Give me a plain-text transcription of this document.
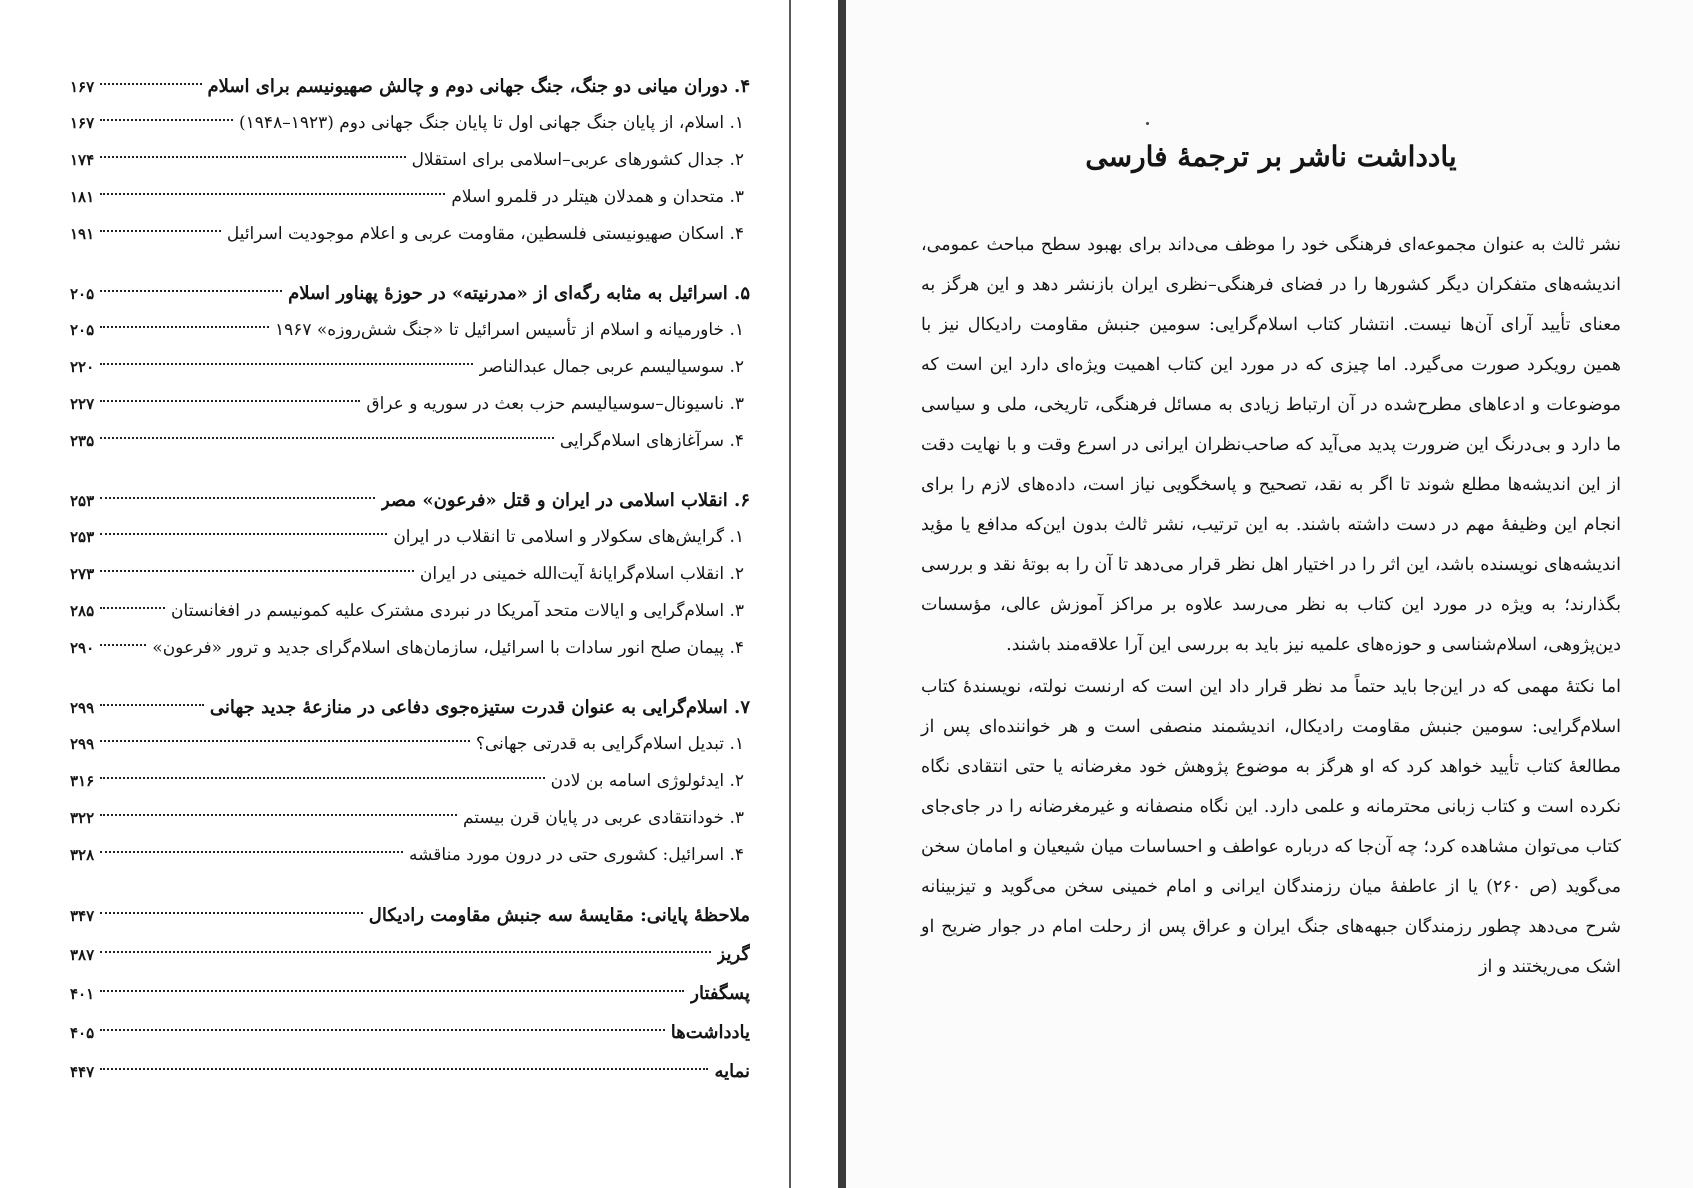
۴. دوران میانی دو جنگ، جنگ جهانی دوم و چالش صهیونیسم برای اسلام
۱۶۷
۱. اسلام، از پایان جنگ جهانی اول تا پایان جنگ جهانی دوم (۱۹۲۳–۱۹۴۸)
۱۶۷
۲. جدال کشورهای عربی–اسلامی برای استقلال
۱۷۴
۳. متحدان و همدلان هیتلر در قلمرو اسلام
۱۸۱
۴. اسکان صهیونیستی فلسطین، مقاومت عربی و اعلام موجودیت اسرائیل
۱۹۱
۵. اسرائیل به مثابه رگه‌ای از «مدرنیته» در حوزهٔ پهناور اسلام
۲۰۵
۱. خاورمیانه و اسلام از تأسیس اسرائیل تا «جنگ شش‌روزه» ۱۹۶۷
۲۰۵
۲. سوسیالیسم عربی جمال عبدالناصر
۲۲۰
۳. ناسیونال–سوسیالیسم حزب بعث در سوریه و عراق
۲۲۷
۴. سرآغازهای اسلام‌گرایی
۲۳۵
۶. انقلاب اسلامی در ایران و قتل «فرعون» مصر
۲۵۳
۱. گرایش‌های سکولار و اسلامی تا انقلاب در ایران
۲۵۳
۲. انقلاب اسلام‌گرایانهٔ آیت‌الله خمینی در ایران
۲۷۳
۳. اسلام‌گرایی و ایالات متحد آمریکا در نبردی مشترک علیه کمونیسم در افغانستان
۲۸۵
۴. پیمان صلح انور سادات با اسرائیل، سازمان‌های اسلام‌گرای جدید و ترور «فرعون»
۲۹۰
۷. اسلام‌گرایی به عنوان قدرت ستیزه‌جوی دفاعی در منازعهٔ جدید جهانی
۲۹۹
۱. تبدیل اسلام‌گرایی به قدرتی جهانی؟
۲۹۹
۲. ایدئولوژی اسامه بن لادن
۳۱۶
۳. خودانتقادی عربی در پایان قرن بیستم
۳۲۲
۴. اسرائیل: کشوری حتی در درون مورد مناقشه
۳۲۸
ملاحظهٔ پایانی: مقایسهٔ سه جنبش مقاومت رادیکال
۳۴۷
گریز
۳۸۷
پسگفتار
۴۰۱
یادداشت‌ها
۴۰۵
نمایه
۴۴۷
یادداشت ناشر بر ترجمهٔ فارسی

نشر ثالث به عنوان مجموعه‌ای فرهنگی خود را موظف می‌داند برای بهبود سطح مباحث عمومی، اندیشه‌های متفکران دیگر کشورها را در فضای فرهنگی–نظری ایران بازنشر دهد و این هرگز به معنای تأیید آرای آن‌ها نیست. انتشار کتاب اسلام‌گرایی: سومین جنبش مقاومت رادیکال نیز با همین رویکرد صورت می‌گیرد. اما چیزی که در مورد این کتاب اهمیت ویژه‌ای دارد این است که موضوعات و ادعاهای مطرح‌شده در آن ارتباط زیادی به مسائل فرهنگی، تاریخی، ملی و سیاسی ما دارد و بی‌درنگ این ضرورت پدید می‌آید که صاحب‌نظران ایرانی در اسرع وقت و با نهایت دقت از این اندیشه‌ها مطلع شوند تا اگر به نقد، تصحیح و پاسخگویی نیاز است، داده‌های لازم را برای انجام این وظیفهٔ مهم در دست داشته باشند. به این ترتیب، نشر ثالث بدون این‌که مدافع یا مؤید اندیشه‌های نویسنده باشد، این اثر را در اختیار اهل نظر قرار می‌دهد تا آن را به بوتهٔ نقد و بررسی بگذارند؛ به ویژه در مورد این کتاب به نظر می‌رسد علاوه بر مراکز آموزش عالی، مؤسسات دین‌پژوهی، اسلام‌شناسی و حوزه‌های علمیه نیز باید به بررسی این آرا علاقه‌مند باشند.

اما نکتهٔ مهمی که در این‌جا باید حتماً مد نظر قرار داد این است که ارنست نولته، نویسندهٔ کتاب اسلام‌گرایی: سومین جنبش مقاومت رادیکال، اندیشمند منصفی است و هر خواننده‌ای پس از مطالعهٔ کتاب تأیید خواهد کرد که او هرگز به موضوع پژوهش خود مغرضانه یا حتی انتقادی نگاه نکرده است و کتاب زبانی محترمانه و علمی دارد. این نگاه منصفانه و غیرمغرضانه را در جای‌جای کتاب می‌توان مشاهده کرد؛ چه آن‌جا که درباره عواطف و احساسات میان شیعیان و امامان سخن می‌گوید (ص ۲۶۰) یا از عاطفهٔ میان رزمندگان ایرانی و امام خمینی سخن می‌گوید و تیزبینانه شرح می‌دهد چطور رزمندگان جبهه‌های جنگ ایران و عراق پس از رحلت امام در جوار ضریح او اشک می‌ریختند و از
